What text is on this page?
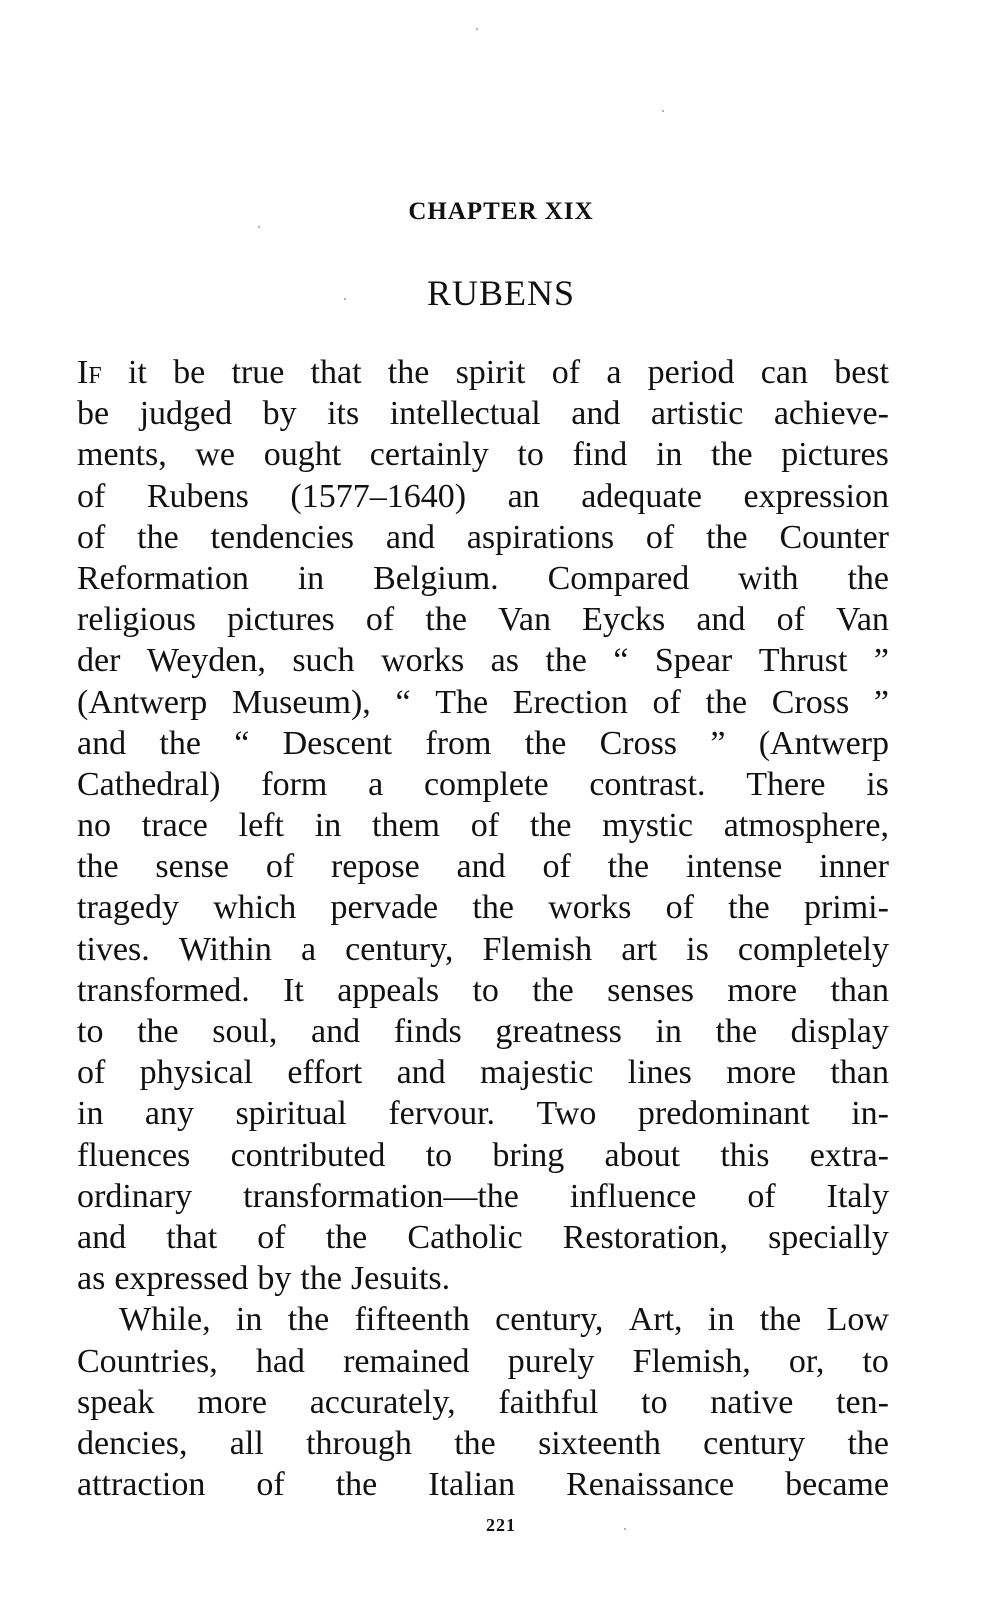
CHAPTER XIX
RUBENS
If it be true that the spirit of a period can best
be judged by its intellectual and artistic achieve-
ments, we ought certainly to find in the pictures
of Rubens (1577–1640) an adequate expression
of the tendencies and aspirations of the Counter
Reformation in Belgium. Compared with the
religious pictures of the Van Eycks and of Van
der Weyden, such works as the “ Spear Thrust ”
(Antwerp Museum), “ The Erection of the Cross ”
and the “ Descent from the Cross ” (Antwerp
Cathedral) form a complete contrast. There is
no trace left in them of the mystic atmosphere,
the sense of repose and of the intense inner
tragedy which pervade the works of the primi-
tives. Within a century, Flemish art is completely
transformed. It appeals to the senses more than
to the soul, and finds greatness in the display
of physical effort and majestic lines more than
in any spiritual fervour. Two predominant in-
fluences contributed to bring about this extra-
ordinary transformation—the influence of Italy
and that of the Catholic Restoration, specially
as expressed by the Jesuits.
While, in the fifteenth century, Art, in the Low
Countries, had remained purely Flemish, or, to
speak more accurately, faithful to native ten-
dencies, all through the sixteenth century the
attraction of the Italian Renaissance became
221
